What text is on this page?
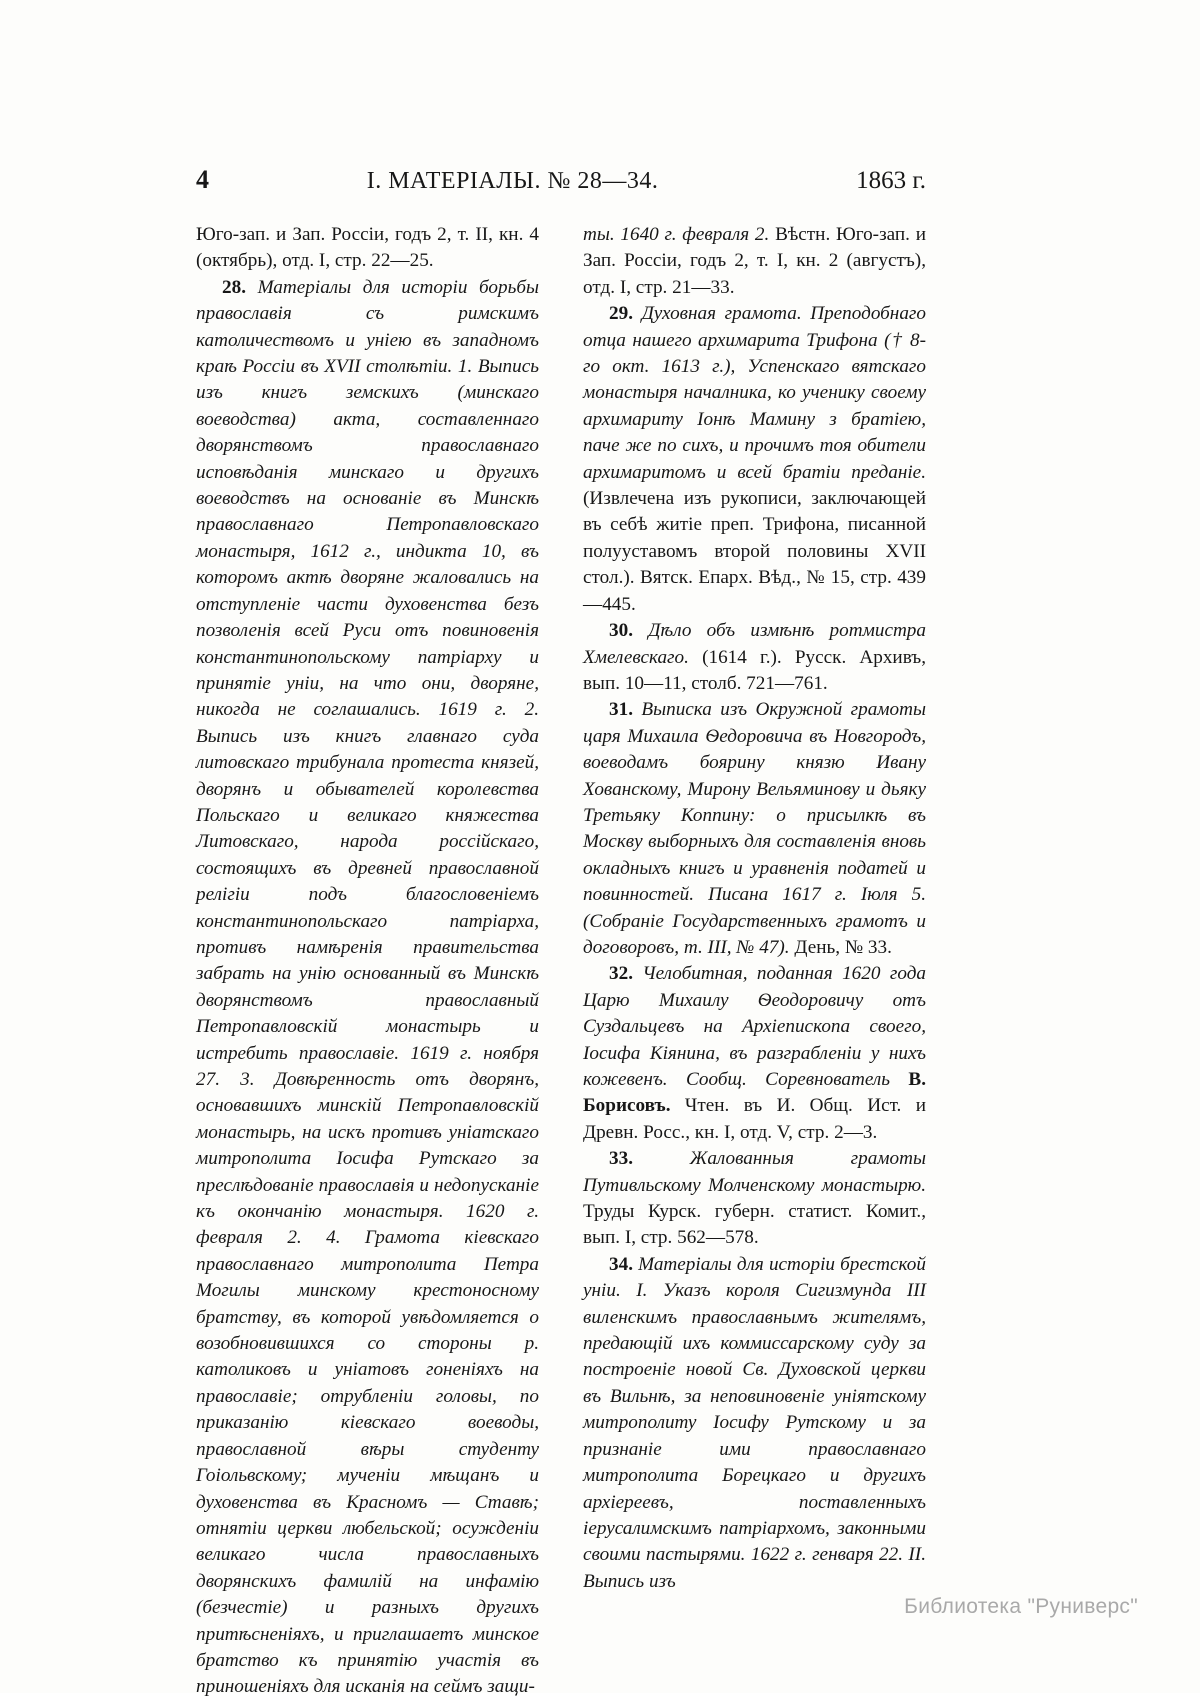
4	I. МАТЕРIАЛЫ. № 28—34.	1863 г.

Юго-зап. и Зап. Россіи, годъ 2, т. II, кн. 4 (октябрь), отд. I, стр. 22—25.

28. Матеріалы для исторіи борьбы православія съ римскимъ католичествомъ и уніею въ западномъ краѣ Россіи въ XVII столѣтіи. 1. Выпись изъ книгъ земскихъ (минскаго воеводства) акта, составленнаго дворянствомъ православнаго исповѣданія минскаго и другихъ воеводствъ на основаніе въ Минскѣ православнаго Петропавловскаго монастыря, 1612 г., индикта 10, въ которомъ актѣ дворяне жаловались на отступленіе части духовенства безъ позволенія всей Руси отъ повиновенія константинопольскому патріарху и принятіе уніи, на что они, дворяне, никогда не соглашались. 1619 г. 2. Выпись изъ книгъ главнаго суда литовскаго трибунала протеста князей, дворянъ и обывателей королевства Польскаго и великаго княжества Литовскаго, народа россійскаго, состоящихъ въ древней православной релігіи подъ благословеніемъ константинопольскаго патріарха, противъ намѣренія правительства забрать на унію основанный въ Минскѣ дворянствомъ православный Петропавловскій монастырь и истребить православіе. 1619 г. ноября 27. 3. Довѣренность отъ дворянъ, основавшихъ минскій Петропавловскій монастырь, на искъ противъ уніатскаго митрополита Іосифа Рутскаго за преслѣдованіе православія и недопусканіе къ окончанію монастыря. 1620 г. февраля 2. 4. Грамота кіевскаго православнаго митрополита Петра Могилы минскому крестоносному братству, въ которой увѣдомляется о возобновившихся со стороны р. католиковъ и уніатовъ гоненіяхъ на православіе; отрубленіи головы, по приказанію кіевскаго воеводы, православной вѣры студенту Гоіольвскому; мученіи мѣщанъ и духовенства въ Красномъ — Ставѣ; отнятіи церкви любельской; осужденіи великаго числа православныхъ дворянскихъ фамилій на инфамію (безчестіе) и разныхъ другихъ притѣсненіяхъ, и приглашаетъ минское братство къ принятію участія въ приношеніяхъ для исканія на сеймъ защи-

ты. 1640 г. февраля 2. Вѣстн. Юго-зап. и Зап. Россіи, годъ 2, т. I, кн. 2 (августъ), отд. I, стр. 21—33.

29. Духовная грамота. Преподобнаго отца нашего архимарита Трифона († 8-го окт. 1613 г.), Успенскаго вятскаго монастыря началника, ко ученику своему архимариту Іонѣ Мамину з братіею, паче же по сихъ, и прочимъ тоя обители архимаритомъ и всей братіи преданіе. (Извлечена изъ рукописи, заключающей въ себѣ житіе преп. Трифона, писанной полууставомъ второй половины XVII стол.). Вятск. Епарх. Вѣд., № 15, стр. 439—445.

30. Дѣло объ измѣнѣ ротмистра Хмелевскаго. (1614 г.). Русск. Архивъ, вып. 10—11, столб. 721—761.

31. Выписка изъ Окружной грамоты царя Михаила Ѳедоровича въ Новгородъ, воеводамъ боярину князю Ивану Хованскому, Мирону Вельяминову и дьяку Третьяку Коппину: о присылкѣ въ Москву выборныхъ для составленія вновь окладныхъ книгъ и уравненія податей и повинностей. Писана 1617 г. Іюля 5. (Собраніе Государственныхъ грамотъ и договоровъ, т. III, № 47). День, № 33.

32. Челобитная, поданная 1620 года Царю Михаилу Ѳеодоровичу отъ Суздальцевъ на Архіепископа своего, Іосифа Кіянина, въ разграбленіи у нихъ кожевенъ. Сообщ. Соревнователь В. Борисовъ. Чтен. въ И. Общ. Ист. и Древн. Росс., кн. I, отд. V, стр. 2—3.

33. Жалованныя грамоты Путивльскому Молченскому монастырю. Труды Курск. губерн. статист. Комит., вып. I, стр. 562—578.

34. Матеріалы для исторіи брестской уніи. I. Указъ короля Сигизмунда III виленскимъ православнымъ жителямъ, предающій ихъ коммиссарскому суду за построеніе новой Св. Духовской церкви въ Вильнѣ, за неповиновеніе уніятскому митрополиту Іосифу Рутскому и за признаніе ими православнаго митрополита Борецкаго и другихъ архіереевъ, поставленныхъ іерусалимскимъ патріархомъ, законными своими пастырями. 1622 г. генваря 22. II. Выпись изъ

Библиотека "Руниверс"
